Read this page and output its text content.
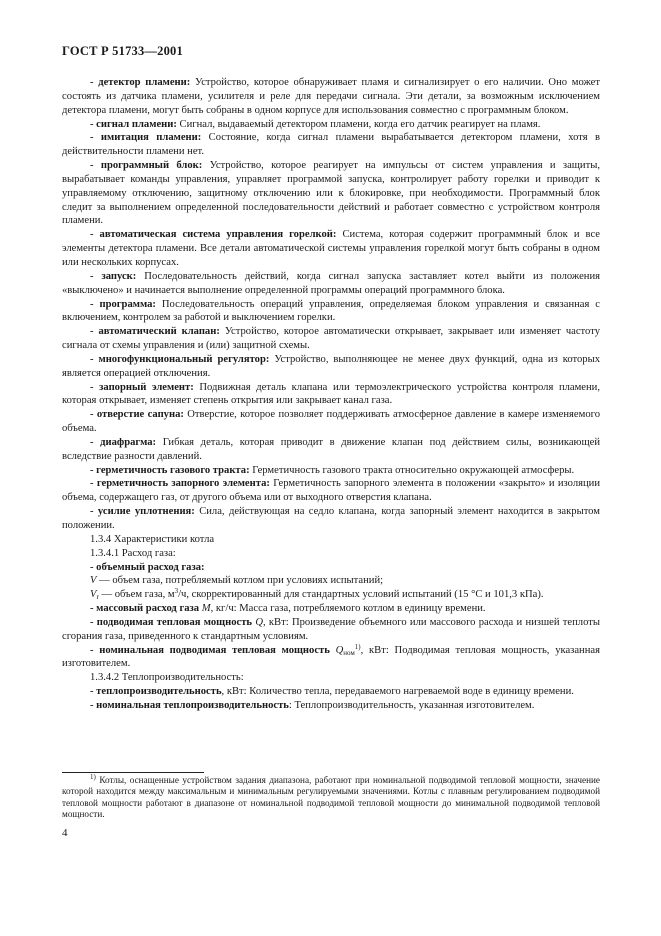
ГОСТ Р 51733—2001

- детектор пламени: Устройство, которое обнаруживает пламя и сигнализирует о его наличии. Оно может состоять из датчика пламени, усилителя и реле для передачи сигнала. Эти детали, за возможным исключением детектора пламени, могут быть собраны в одном корпусе для использования совместно с программным блоком.

- сигнал пламени: Сигнал, выдаваемый детектором пламени, когда его датчик реагирует на пламя.

- имитация пламени: Состояние, когда сигнал пламени вырабатывается детектором пламени, хотя в действительности пламени нет.

- программный блок: Устройство, которое реагирует на импульсы от систем управления и защиты, вырабатывает команды управления, управляет программой запуска, контролирует работу горелки и приводит к управляемому отключению, защитному отключению или к блокировке, при необходимости. Программный блок следит за выполнением определенной последовательности действий и работает совместно с устройством контроля пламени.

- автоматическая система управления горелкой: Система, которая содержит программный блок и все элементы детектора пламени. Все детали автоматической системы управления горелкой могут быть собраны в одном или нескольких корпусах.

- запуск: Последовательность действий, когда сигнал запуска заставляет котел выйти из положения «выключено» и начинается выполнение определенной программы операций программного блока.

- программа: Последовательность операций управления, определяемая блоком управления и связанная с включением, контролем за работой и выключением горелки.

- автоматический клапан: Устройство, которое автоматически открывает, закрывает или изменяет частоту сигнала от схемы управления и (или) защитной схемы.

- многофункциональный регулятор: Устройство, выполняющее не менее двух функций, одна из которых является операцией отключения.

- запорный элемент: Подвижная деталь клапана или термоэлектрического устройства контроля пламени, которая открывает, изменяет степень открытия или закрывает канал газа.

- отверстие сапуна: Отверстие, которое позволяет поддерживать атмосферное давление в камере изменяемого объема.

- диафрагма: Гибкая деталь, которая приводит в движение клапан под действием силы, возникающей вследствие разности давлений.

- герметичность газового тракта: Герметичность газового тракта относительно окружающей атмосферы.

- герметичность запорного элемента: Герметичность запорного элемента в положении «закрыто» и изоляции объема, содержащего газ, от другого объема или от выходного отверстия клапана.

- усилие уплотнения: Сила, действующая на седло клапана, когда запорный элемент находится в закрытом положении.

1.3.4 Характеристики котла

1.3.4.1 Расход газа:

- объемный расход газа:

V — объем газа, потребляемый котлом при условиях испытаний;

$V_r$ — объем газа, $м^3/ч$, скорректированный для стандартных условий испытаний (15 °С и 101,3 кПа).

- массовый расход газа M, кг/ч: Масса газа, потребляемого котлом в единицу времени.

- подводимая тепловая мощность Q, кВт: Произведение объемного или массового расхода и низшей теплоты сгорания газа, приведенного к стандартным условиям.

- номинальная подводимая тепловая мощность $Q_{ном}^{1)}$, кВт: Подводимая тепловая мощность, указанная изготовителем.

1.3.4.2 Теплопроизводительность:

- теплопроизводительность, кВт: Количество тепла, передаваемого нагреваемой воде в единицу времени.

- номинальная теплопроизводительность: Теплопроизводительность, указанная изготовителем.

$^{1)}$ Котлы, оснащенные устройством задания диапазона, работают при номинальной подводимой тепловой мощности, значение которой находится между максимальным и минимальным регулируемыми значениями. Котлы с плавным регулированием подводимой тепловой мощности работают в диапазоне от номинальной подводимой тепловой мощности до минимальной подводимой тепловой мощности.

4
